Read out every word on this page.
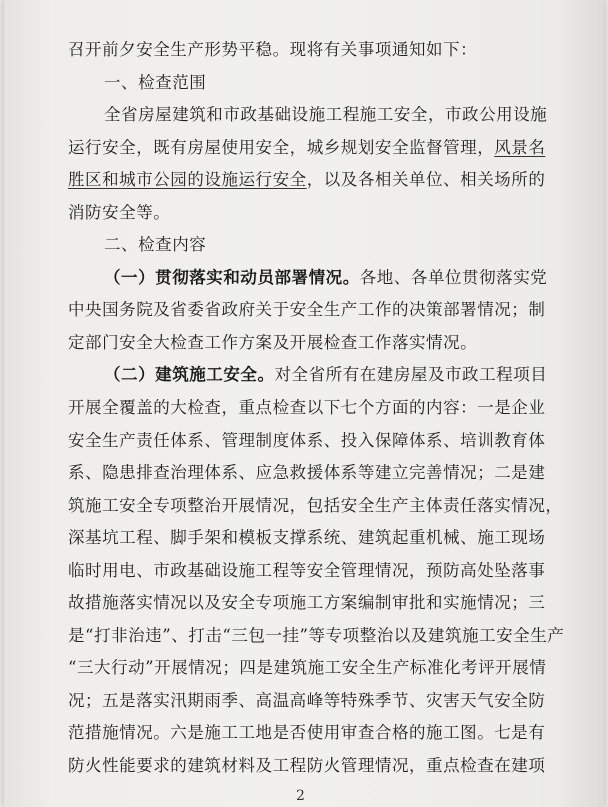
召开前夕安全生产形势平稳。现将有关事项通知如下：
一、检查范围
全省房屋建筑和市政基础设施工程施工安全，市政公用设施
运行安全，既有房屋使用安全，城乡规划安全监督管理，风景名
胜区和城市公园的设施运行安全，以及各相关单位、相关场所的
消防安全等。
二、检查内容
（一）贯彻落实和动员部署情况。各地、各单位贯彻落实党
中央国务院及省委省政府关于安全生产工作的决策部署情况；制
定部门安全大检查工作方案及开展检查工作落实情况。
（二）建筑施工安全。对全省所有在建房屋及市政工程项目
开展全覆盖的大检查，重点检查以下七个方面的内容：一是企业
安全生产责任体系、管理制度体系、投入保障体系、培训教育体
系、隐患排查治理体系、应急救援体系等建立完善情况；二是建
筑施工安全专项整治开展情况，包括安全生产主体责任落实情况，
深基坑工程、脚手架和模板支撑系统、建筑起重机械、施工现场
临时用电、市政基础设施工程等安全管理情况，预防高处坠落事
故措施落实情况以及安全专项施工方案编制审批和实施情况；三
是“打非治违”、打击“三包一挂”等专项整治以及建筑施工安全生产
“三大行动”开展情况；四是建筑施工安全生产标准化考评开展情
况；五是落实汛期雨季、高温高峰等特殊季节、灾害天气安全防
范措施情况。六是施工工地是否使用审查合格的施工图。七是有
防火性能要求的建筑材料及工程防火管理情况，重点检查在建项
2
